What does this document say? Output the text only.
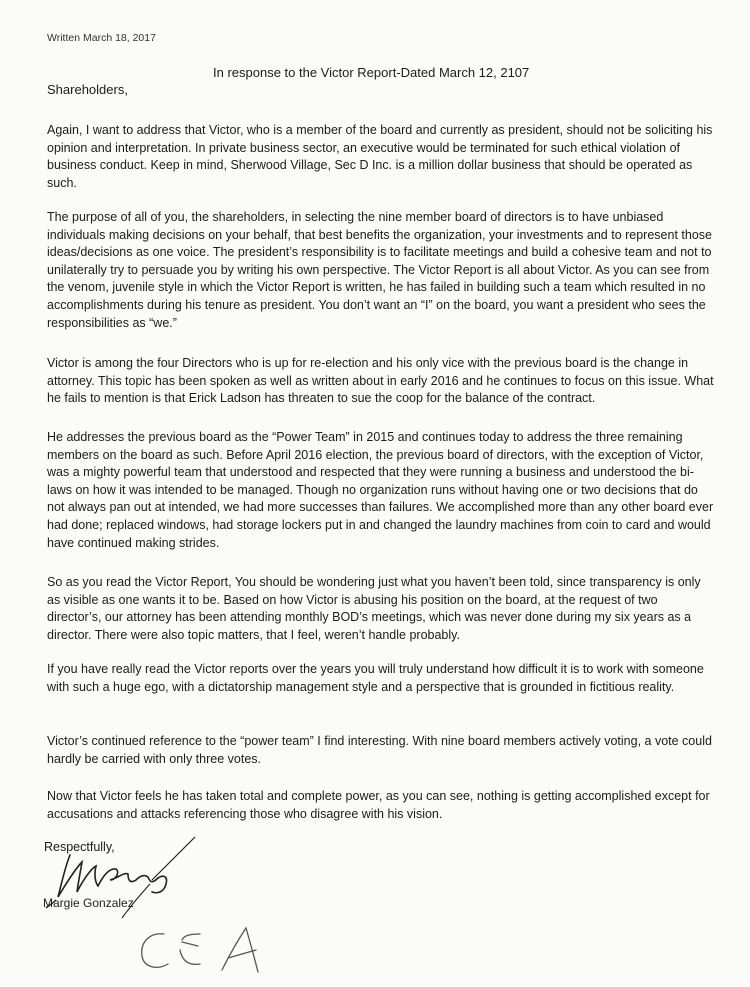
Written March 18, 2017
In response to the Victor Report-Dated March 12, 2107
Shareholders,

Again, I want to address that Victor, who is a member of the board and currently as president, should not be soliciting his opinion and interpretation. In private business sector, an executive would be terminated for such ethical violation of business conduct. Keep in mind, Sherwood Village, Sec D Inc. is a million dollar business that should be operated as such.

The purpose of all of you, the shareholders, in selecting the nine member board of directors is to have unbiased individuals making decisions on your behalf, that best benefits the organization, your investments and to represent those ideas/decisions as one voice. The president’s responsibility is to facilitate meetings and build a cohesive team and not to unilaterally try to persuade you by writing his own perspective. The Victor Report is all about Victor. As you can see from the venom, juvenile style in which the Victor Report is written, he has failed in building such a team which resulted in no accomplishments during his tenure as president. You don’t want an “I” on the board, you want a president who sees the responsibilities as “we.”

Victor is among the four Directors who is up for re-election and his only vice with the previous board is the change in attorney. This topic has been spoken as well as written about in early 2016 and he continues to focus on this issue. What he fails to mention is that Erick Ladson has threaten to sue the coop for the balance of the contract.

He addresses the previous board as the “Power Team” in 2015 and continues today to address the three remaining members on the board as such. Before April 2016 election, the previous board of directors, with the exception of Victor, was a mighty powerful team that understood and respected that they were running a business and understood the bi-laws on how it was intended to be managed. Though no organization runs without having one or two decisions that do not always pan out at intended, we had more successes than failures. We accomplished more than any other board ever had done; replaced windows, had storage lockers put in and changed the laundry machines from coin to card and would have continued making strides.

So as you read the Victor Report, You should be wondering just what you haven’t been told, since transparency is only as visible as one wants it to be. Based on how Victor is abusing his position on the board, at the request of two director’s, our attorney has been attending monthly BOD’s meetings, which was never done during my six years as a director. There were also topic matters, that I feel, weren’t handle probably.

If you have really read the Victor reports over the years you will truly understand how difficult it is to work with someone with such a huge ego, with a dictatorship management style and a perspective that is grounded in fictitious reality.

Victor’s continued reference to the “power team” I find interesting. With nine board members actively voting, a vote could hardly be carried with only three votes.

Now that Victor feels he has taken total and complete power, as you can see, nothing is getting accomplished except for accusations and attacks referencing those who disagree with his vision.

Respectfully,
Margie Gonzalez
